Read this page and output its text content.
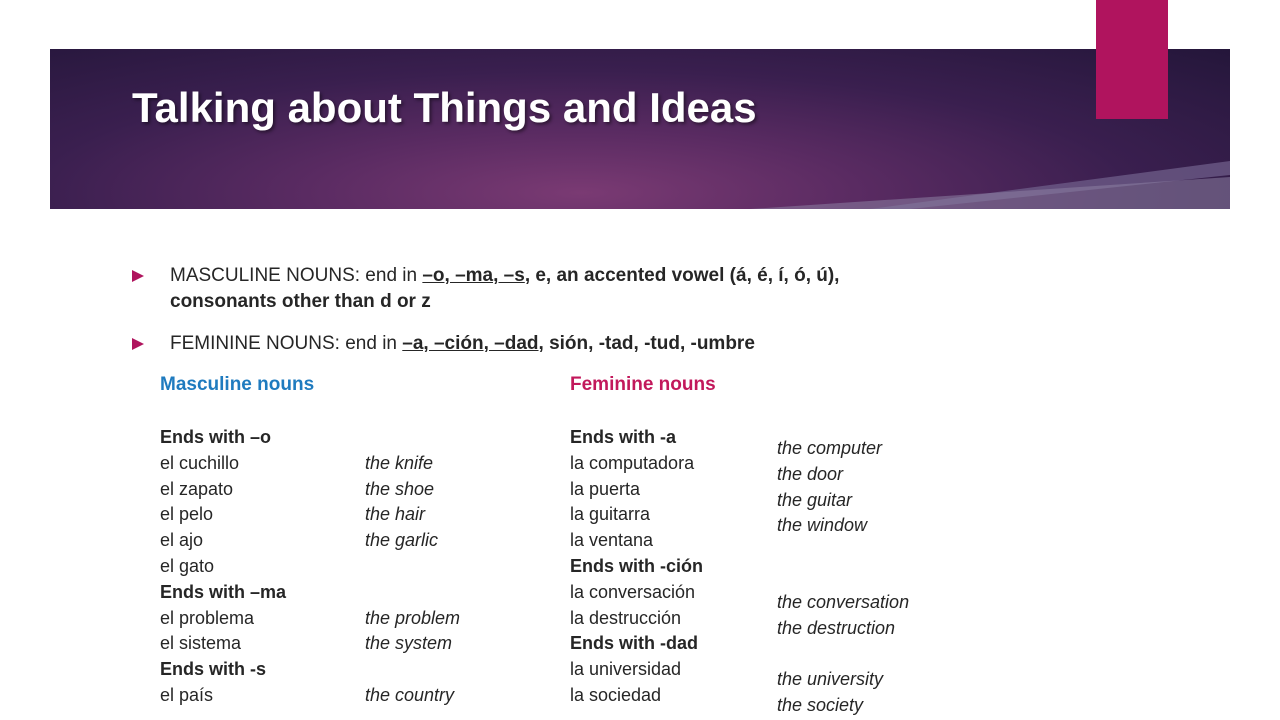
Talking about Things and Ideas
MASCULINE NOUNS: end in –o, –ma, –s, e, an accented vowel (á, é, í, ó, ú),
consonants other than d or z
FEMININE NOUNS: end in –a, –ción, –dad, sión, -tad, -tud, -umbre
Masculine nouns	Feminine nouns
Ends with –o
el cuchillo
el zapato
el pelo
el ajo
el gato
Ends with –ma
el problema
el sistema
Ends with -s
el país
the knife
the shoe
the hair
the garlic
the problem
the system
the country
Ends with -a
la computadora
la puerta
la guitarra
la ventana
Ends with -ción
la conversación
la destrucción
Ends with -dad
la universidad
la sociedad
the computer
the door
the guitar
the window
the conversation
the destruction
the university
the society
